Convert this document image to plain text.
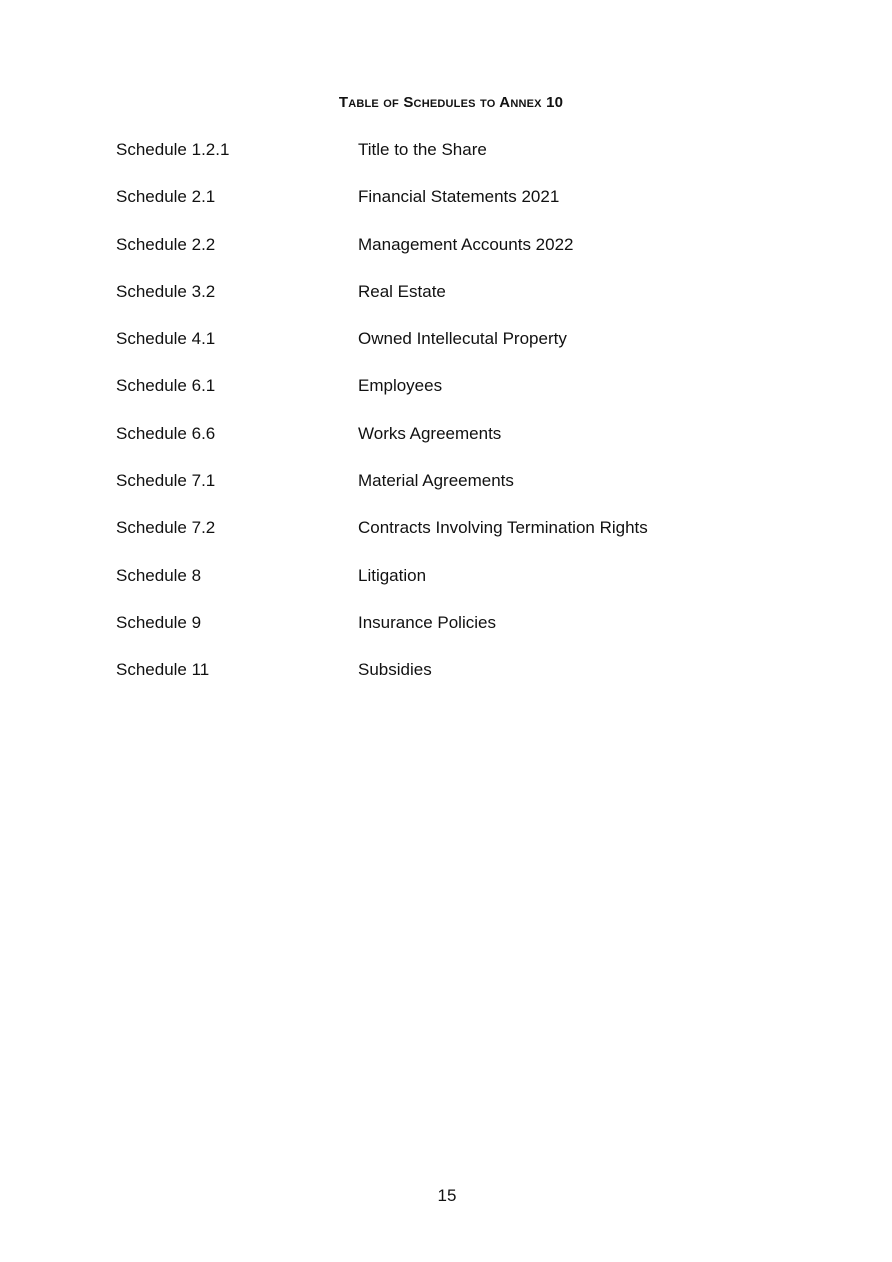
Table of Schedules to Annex 10
Schedule 1.2.1	Title to the Share
Schedule 2.1	Financial Statements 2021
Schedule 2.2	Management Accounts 2022
Schedule 3.2	Real Estate
Schedule 4.1	Owned Intellecutal Property
Schedule 6.1	Employees
Schedule 6.6	Works Agreements
Schedule 7.1	Material Agreements
Schedule 7.2	Contracts Involving Termination Rights
Schedule 8	Litigation
Schedule 9	Insurance Policies
Schedule 11	Subsidies
15
